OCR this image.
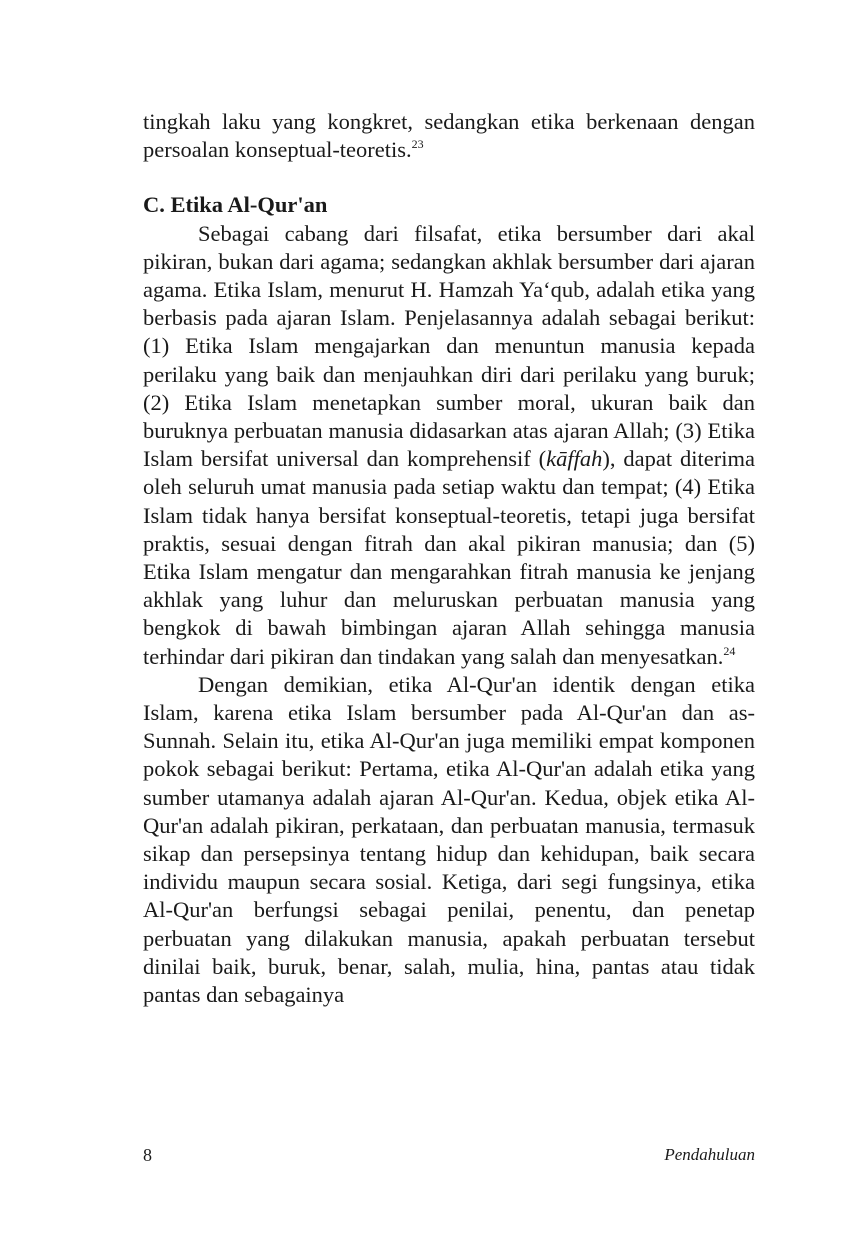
tingkah laku yang kongkret, sedangkan etika berkenaan dengan persoalan konseptual-teoretis.$^{23}$

C. Etika Al-Qur'an

Sebagai cabang dari filsafat, etika bersumber dari akal pikiran, bukan dari agama; sedangkan akhlak bersumber dari ajaran agama. Etika Islam, menurut H. Hamzah Ya‘qub, adalah etika yang berbasis pada ajaran Islam. Penjelasannya adalah sebagai berikut: (1) Etika Islam mengajarkan dan menuntun manusia kepada perilaku yang baik dan menjauhkan diri dari perilaku yang buruk; (2) Etika Islam menetapkan sumber moral, ukuran baik dan buruknya perbuatan manusia didasarkan atas ajaran Allah; (3) Etika Islam bersifat universal dan komprehensif (kāffah), dapat diterima oleh seluruh umat manusia pada setiap waktu dan tempat; (4) Etika Islam tidak hanya bersifat konseptual-teoretis, tetapi juga bersifat praktis, sesuai dengan fitrah dan akal pikiran manusia; dan (5) Etika Islam mengatur dan mengarahkan fitrah manusia ke jenjang akhlak yang luhur dan meluruskan perbuatan manusia yang bengkok di bawah bimbingan ajaran Allah sehingga manusia terhindar dari pikiran dan tindakan yang salah dan menyesatkan.$^{24}$

Dengan demikian, etika Al-Qur'an identik dengan etika Islam, karena etika Islam bersumber pada Al-Qur'an dan as-Sunnah. Selain itu, etika Al-Qur'an juga memiliki empat komponen pokok sebagai berikut: Pertama, etika Al-Qur'an adalah etika yang sumber utamanya adalah ajaran Al-Qur'an. Kedua, objek etika Al-Qur'an adalah pikiran, perkataan, dan perbuatan manusia, termasuk sikap dan persepsinya tentang hidup dan kehidupan, baik secara individu maupun secara sosial. Ketiga, dari segi fungsinya, etika Al-Qur'an berfungsi sebagai penilai, penentu, dan penetap perbuatan yang dilakukan manusia, apakah perbuatan tersebut dinilai baik, buruk, benar, salah, mulia, hina, pantas atau tidak pantas dan sebagainya

8	Pendahuluan
